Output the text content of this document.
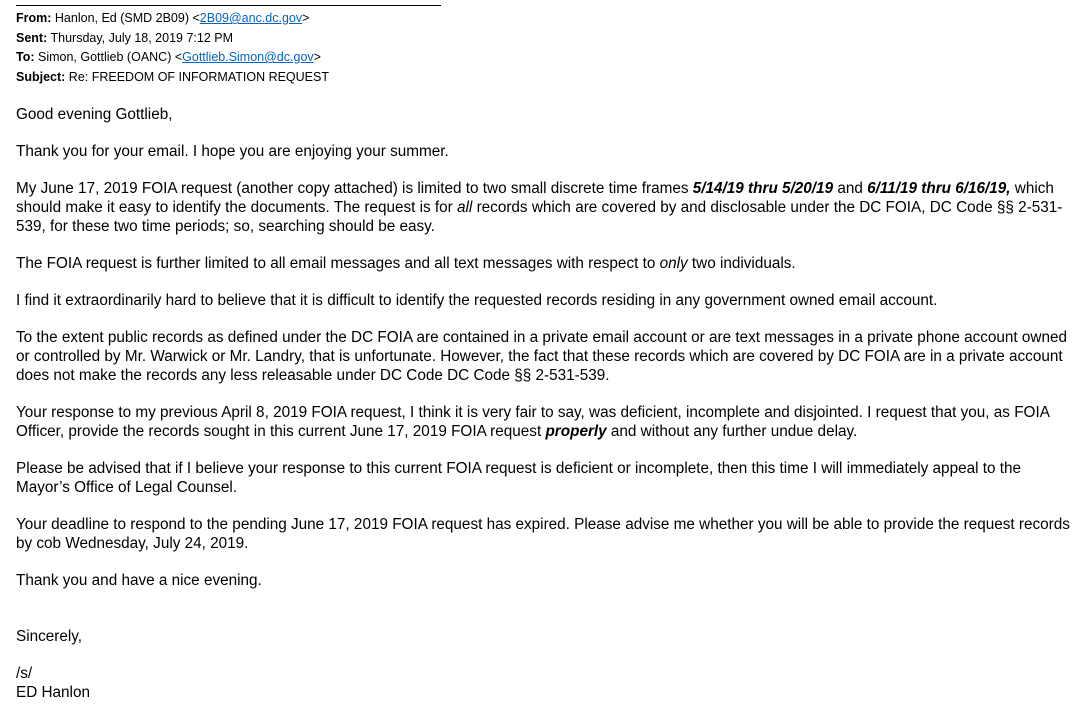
From: Hanlon, Ed (SMD 2B09) <2B09@anc.dc.gov>
Sent: Thursday, July 18, 2019 7:12 PM
To: Simon, Gottlieb (OANC) <Gottlieb.Simon@dc.gov>
Subject: Re: FREEDOM OF INFORMATION REQUEST

Good evening Gottlieb,

Thank you for your email. I hope you are enjoying your summer.

My June 17, 2019 FOIA request (another copy attached) is limited to two small discrete time frames 5/14/19 thru 5/20/19 and 6/11/19 thru 6/16/19, which should make it easy to identify the documents. The request is for all records which are covered by and disclosable under the DC FOIA, DC Code §§ 2-531-539, for these two time periods; so, searching should be easy.

The FOIA request is further limited to all email messages and all text messages with respect to only two individuals.

I find it extraordinarily hard to believe that it is difficult to identify the requested records residing in any government owned email account.

To the extent public records as defined under the DC FOIA are contained in a private email account or are text messages in a private phone account owned or controlled by Mr. Warwick or Mr. Landry, that is unfortunate. However, the fact that these records which are covered by DC FOIA are in a private account does not make the records any less releasable under DC Code DC Code §§ 2-531-539.

Your response to my previous April 8, 2019 FOIA request, I think it is very fair to say, was deficient, incomplete and disjointed. I request that you, as FOIA Officer, provide the records sought in this current June 17, 2019 FOIA request properly and without any further undue delay.

Please be advised that if I believe your response to this current FOIA request is deficient or incomplete, then this time I will immediately appeal to the Mayor’s Office of Legal Counsel.

Your deadline to respond to the pending June 17, 2019 FOIA request has expired. Please advise me whether you will be able to provide the request records by cob Wednesday, July 24, 2019.

Thank you and have a nice evening.

Sincerely,

/s/

ED Hanlon
